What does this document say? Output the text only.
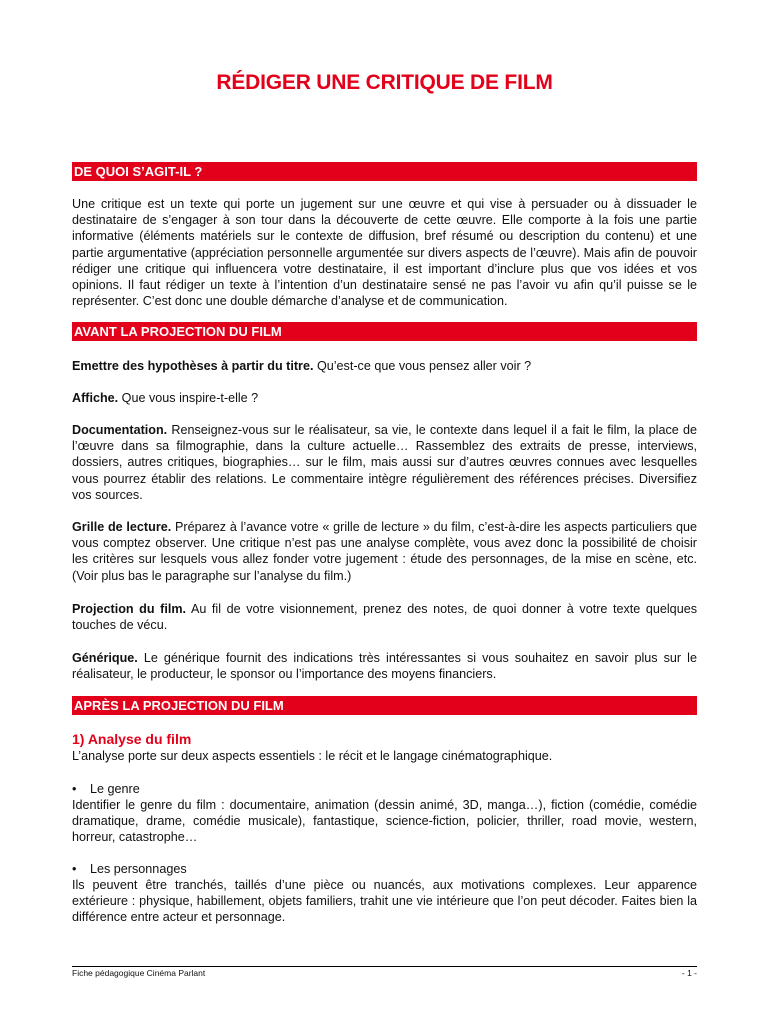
RÉDIGER UNE CRITIQUE DE FILM
DE QUOI S’AGIT-IL ?

Une critique est un texte qui porte un jugement sur une œuvre et qui vise à persuader ou à dissuader le destinataire de s’engager à son tour dans la découverte de cette œuvre. Elle comporte à la fois une partie informative (éléments matériels sur le contexte de diffusion, bref résumé ou description du contenu) et une partie argumentative (appréciation personnelle argumentée sur divers aspects de l’œuvre). Mais afin de pouvoir rédiger une critique qui influencera votre destinataire, il est important d’inclure plus que vos idées et vos opinions. Il faut rédiger un texte à l’intention d’un destinataire sensé ne pas l’avoir vu afin qu’il puisse se le représenter. C’est donc une double démarche d’analyse et de communication.

AVANT LA PROJECTION DU FILM

Emettre des hypothèses à partir du titre. Qu’est-ce que vous pensez aller voir ?

Affiche. Que vous inspire-t-elle ?

Documentation. Renseignez-vous sur le réalisateur, sa vie, le contexte dans lequel il a fait le film, la place de l’œuvre dans sa filmographie, dans la culture actuelle… Rassemblez des extraits de presse, interviews, dossiers, autres critiques, biographies… sur le film, mais aussi sur d’autres œuvres connues avec lesquelles vous pourrez établir des relations. Le commentaire intègre régulièrement des références précises. Diversifiez vos sources.

Grille de lecture. Préparez à l’avance votre « grille de lecture » du film, c’est-à-dire les aspects particuliers que vous comptez observer. Une critique n’est pas une analyse complète, vous avez donc la possibilité de choisir les critères sur lesquels vous allez fonder votre jugement : étude des personnages, de la mise en scène, etc. (Voir plus bas le paragraphe sur l’analyse du film.)

Projection du film. Au fil de votre visionnement, prenez des notes, de quoi donner à votre texte quelques touches de vécu.

Générique. Le générique fournit des indications très intéressantes si vous souhaitez en savoir plus sur le réalisateur, le producteur, le sponsor ou l’importance des moyens financiers.

APRÈS LA PROJECTION DU FILM
1) Analyse du film

L’analyse porte sur deux aspects essentiels : le récit et le langage cinématographique.

• Le genre

Identifier le genre du film : documentaire, animation (dessin animé, 3D, manga…), fiction (comédie, comédie dramatique, drame, comédie musicale), fantastique, science-fiction, policier, thriller, road movie, western, horreur, catastrophe…

• Les personnages

Ils peuvent être tranchés, taillés d’une pièce ou nuancés, aux motivations complexes. Leur apparence extérieure : physique, habillement, objets familiers, trahit une vie intérieure que l’on peut décoder. Faites bien la différence entre acteur et personnage.

Fiche pédagogique Cinéma Parlant	- 1 -
